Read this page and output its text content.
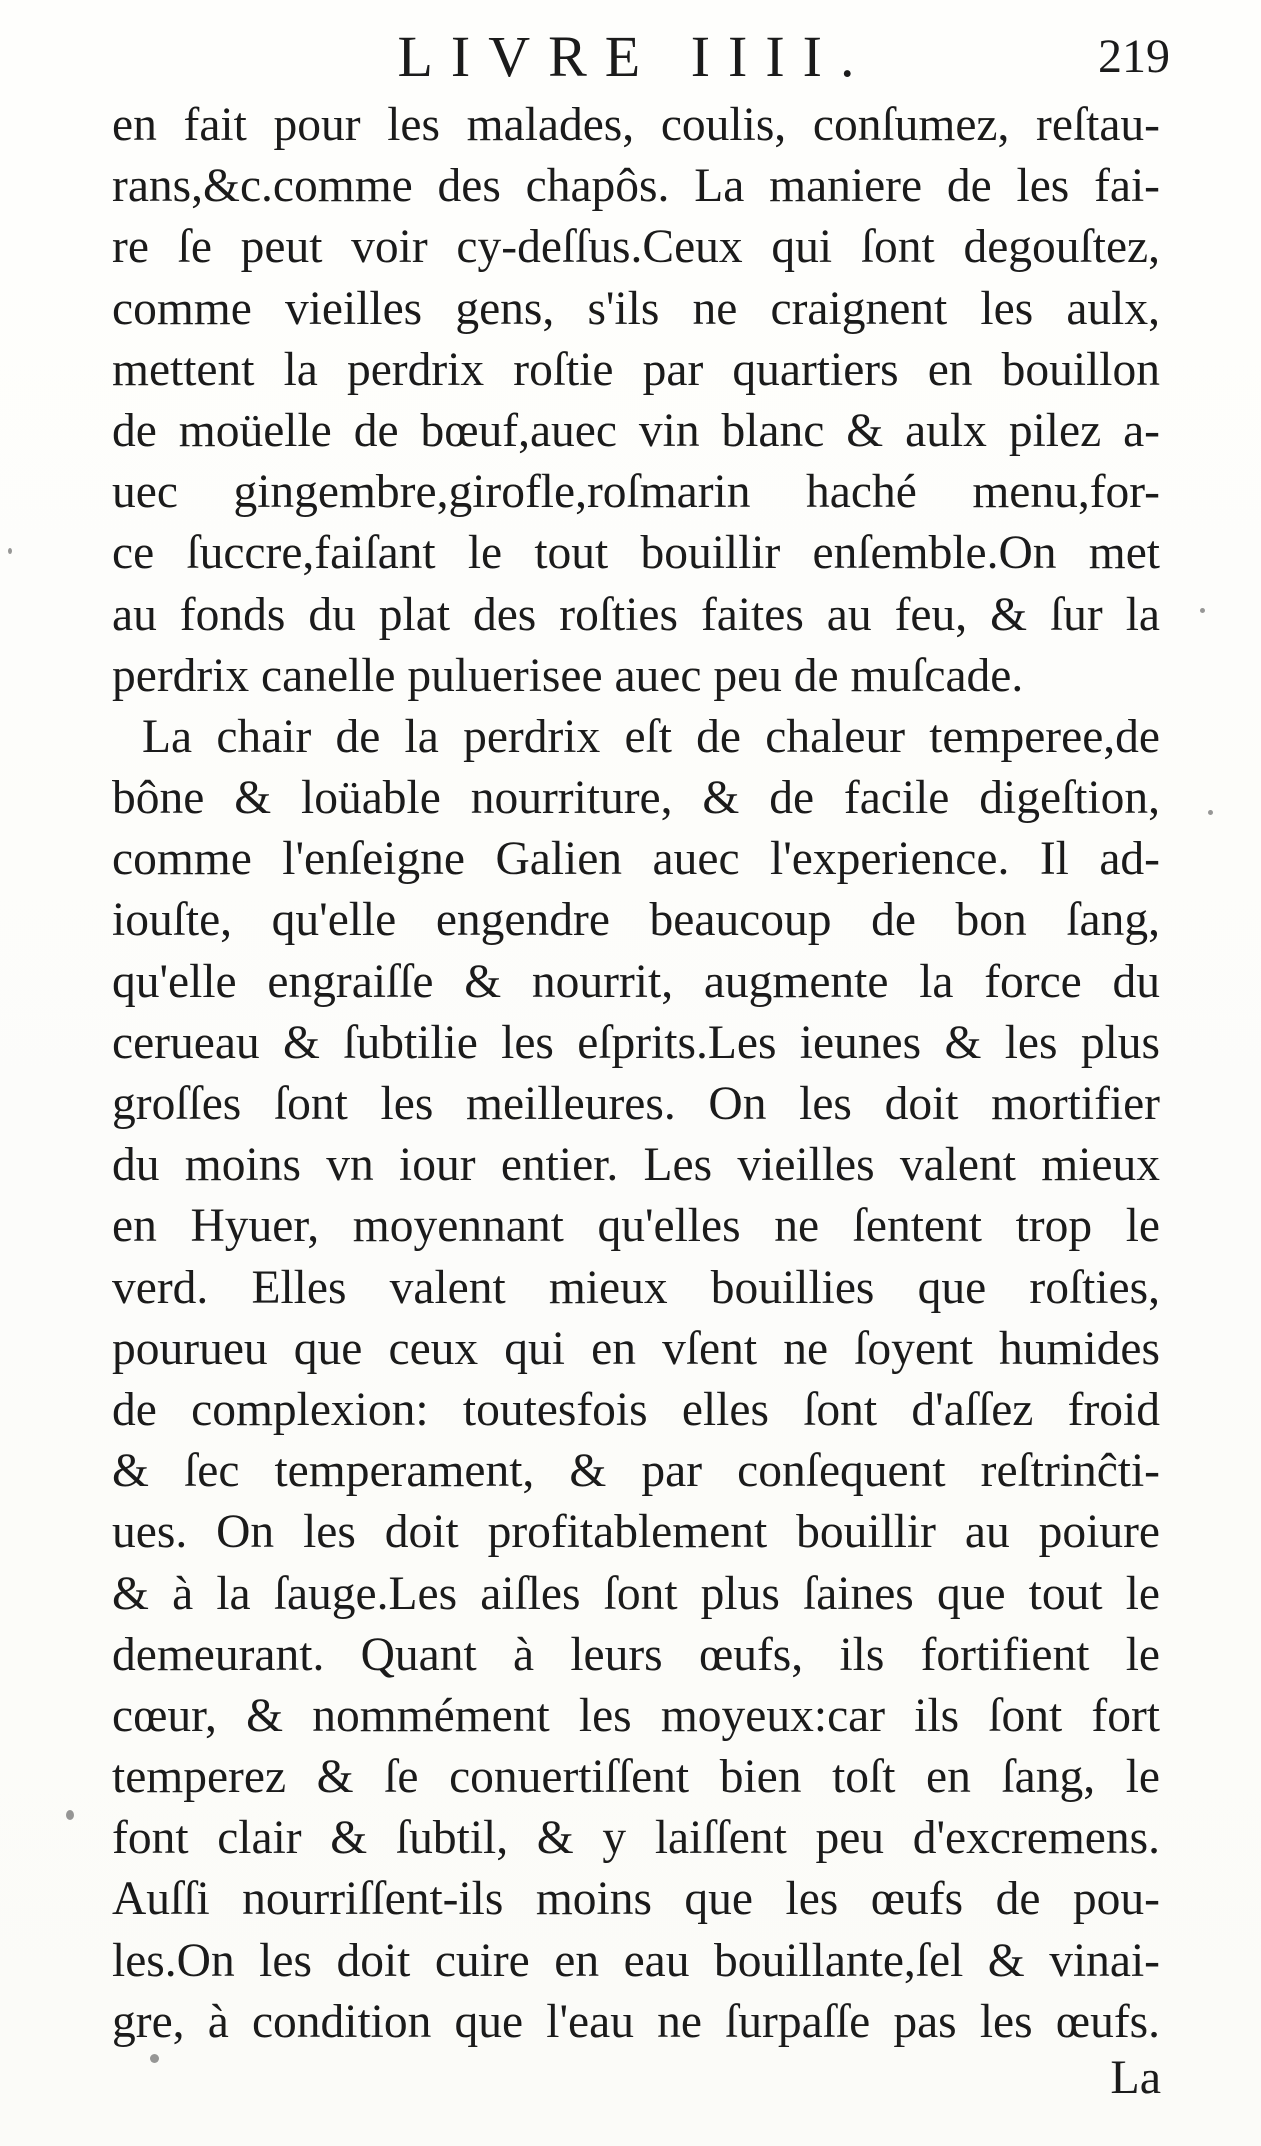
LIVRE IIII.	219
en fait pour les malades, coulis, conſumez, reſtau-
rans,&c.comme des chapôs. La maniere de les fai-
re ſe peut voir cy-deſſus.Ceux qui ſont degouſtez,
comme vieilles gens, s'ils ne craignent les aulx,
mettent la perdrix roſtie par quartiers en bouillon
de moüelle de bœuf,auec vin blanc & aulx pilez a-
uec gingembre,girofle,roſmarin haché menu,for-
ce ſuccre,faiſant le tout bouillir enſemble.On met
au fonds du plat des roſties faites au feu, & ſur la
perdrix canelle puluerisee auec peu de muſcade.
La chair de la perdrix eſt de chaleur temperee,de
bône & loüable nourriture, & de facile digeſtion,
comme l'enſeigne Galien auec l'experience. Il ad-
iouſte, qu'elle engendre beaucoup de bon ſang,
qu'elle engraiſſe & nourrit, augmente la force du
cerueau & ſubtilie les eſprits.Les ieunes & les plus
groſſes ſont les meilleures. On les doit mortifier
du moins vn iour entier. Les vieilles valent mieux
en Hyuer, moyennant qu'elles ne ſentent trop le
verd. Elles valent mieux bouillies que roſties,
pourueu que ceux qui en vſent ne ſoyent humides
de complexion: toutesfois elles ſont d'aſſez froid
& ſec temperament, & par conſequent reſtrinĉti-
ues. On les doit profitablement bouillir au poiure
& à la ſauge.Les aiſles ſont plus ſaines que tout le
demeurant. Quant à leurs œufs, ils fortifient le
cœur, & nommément les moyeux:car ils ſont fort
temperez & ſe conuertiſſent bien toſt en ſang, le
font clair & ſubtil, & y laiſſent peu d'excremens.
Auſſi nourriſſent-ils moins que les œufs de pou-
les.On les doit cuire en eau bouillante,ſel & vinai-
gre, à condition que l'eau ne ſurpaſſe pas les œufs.
La
